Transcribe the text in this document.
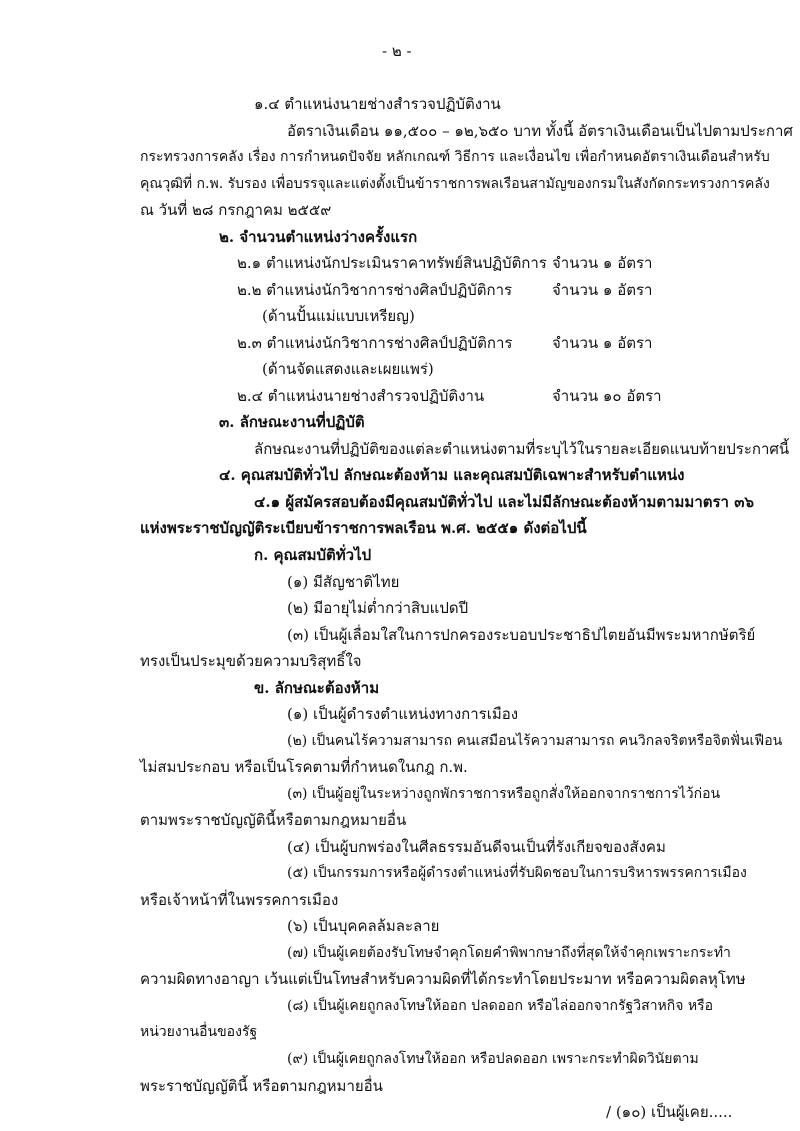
- ๒ -
๑.๔ ตำแหน่งนายช่างสำรวจปฏิบัติงาน
อัตราเงินเดือน ๑๑,๕๐๐ – ๑๒,๖๕๐ บาท ทั้งนี้ อัตราเงินเดือนเป็นไปตามประกาศ
กระทรวงการคลัง เรื่อง การกำหนดปัจจัย หลักเกณฑ์ วิธีการ และเงื่อนไข เพื่อกำหนดอัตราเงินเดือนสำหรับ
คุณวุฒิที่ ก.พ. รับรอง เพื่อบรรจุและแต่งตั้งเป็นข้าราชการพลเรือนสามัญของกรมในสังกัดกระทรวงการคลัง
ณ วันที่ ๒๘ กรกฎาคม ๒๕๕๙
๒. จำนวนตำแหน่งว่างครั้งแรก
๒.๑ ตำแหน่งนักประเมินราคาทรัพย์สินปฏิบัติการ จำนวน ๑ อัตรา
๒.๒ ตำแหน่งนักวิชาการช่างศิลป์ปฏิบัติการ	จำนวน ๑ อัตรา
(ด้านปั้นแม่แบบเหรียญ)
๒.๓ ตำแหน่งนักวิชาการช่างศิลป์ปฏิบัติการ	จำนวน ๑ อัตรา
(ด้านจัดแสดงและเผยแพร่)
๒.๔ ตำแหน่งนายช่างสำรวจปฏิบัติงาน	จำนวน ๑๐ อัตรา
๓. ลักษณะงานที่ปฏิบัติ
ลักษณะงานที่ปฏิบัติของแต่ละตำแหน่งตามที่ระบุไว้ในรายละเอียดแนบท้ายประกาศนี้
๔. คุณสมบัติทั่วไป ลักษณะต้องห้าม และคุณสมบัติเฉพาะสำหรับตำแหน่ง
๔.๑ ผู้สมัครสอบต้องมีคุณสมบัติทั่วไป และไม่มีลักษณะต้องห้ามตามมาตรา ๓๖
แห่งพระราชบัญญัติระเบียบข้าราชการพลเรือน พ.ศ. ๒๕๕๑ ดังต่อไปนี้
ก. คุณสมบัติทั่วไป
(๑) มีสัญชาติไทย
(๒) มีอายุไม่ต่ำกว่าสิบแปดปี
(๓) เป็นผู้เลื่อมใสในการปกครองระบอบประชาธิปไตยอันมีพระมหากษัตริย์
ทรงเป็นประมุขด้วยความบริสุทธิ์ใจ
ข. ลักษณะต้องห้าม
(๑) เป็นผู้ดำรงตำแหน่งทางการเมือง
(๒) เป็นคนไร้ความสามารถ คนเสมือนไร้ความสามารถ คนวิกลจริตหรือจิตฟั่นเฟือน
ไม่สมประกอบ หรือเป็นโรคตามที่กำหนดในกฎ ก.พ.
(๓) เป็นผู้อยู่ในระหว่างถูกพักราชการหรือถูกสั่งให้ออกจากราชการไว้ก่อน
ตามพระราชบัญญัตินี้หรือตามกฎหมายอื่น
(๔) เป็นผู้บกพร่องในศีลธรรมอันดีจนเป็นที่รังเกียจของสังคม
(๕) เป็นกรรมการหรือผู้ดำรงตำแหน่งที่รับผิดชอบในการบริหารพรรคการเมือง
หรือเจ้าหน้าที่ในพรรคการเมือง
(๖) เป็นบุคคลล้มละลาย
(๗) เป็นผู้เคยต้องรับโทษจำคุกโดยคำพิพากษาถึงที่สุดให้จำคุกเพราะกระทำ
ความผิดทางอาญา เว้นแต่เป็นโทษสำหรับความผิดที่ได้กระทำโดยประมาท หรือความผิดลหุโทษ
(๘) เป็นผู้เคยถูกลงโทษให้ออก ปลดออก หรือไล่ออกจากรัฐวิสาหกิจ หรือ
หน่วยงานอื่นของรัฐ
(๙) เป็นผู้เคยถูกลงโทษให้ออก หรือปลดออก เพราะกระทำผิดวินัยตาม
พระราชบัญญัตินี้ หรือตามกฎหมายอื่น
/ (๑๐) เป็นผู้เคย.....
